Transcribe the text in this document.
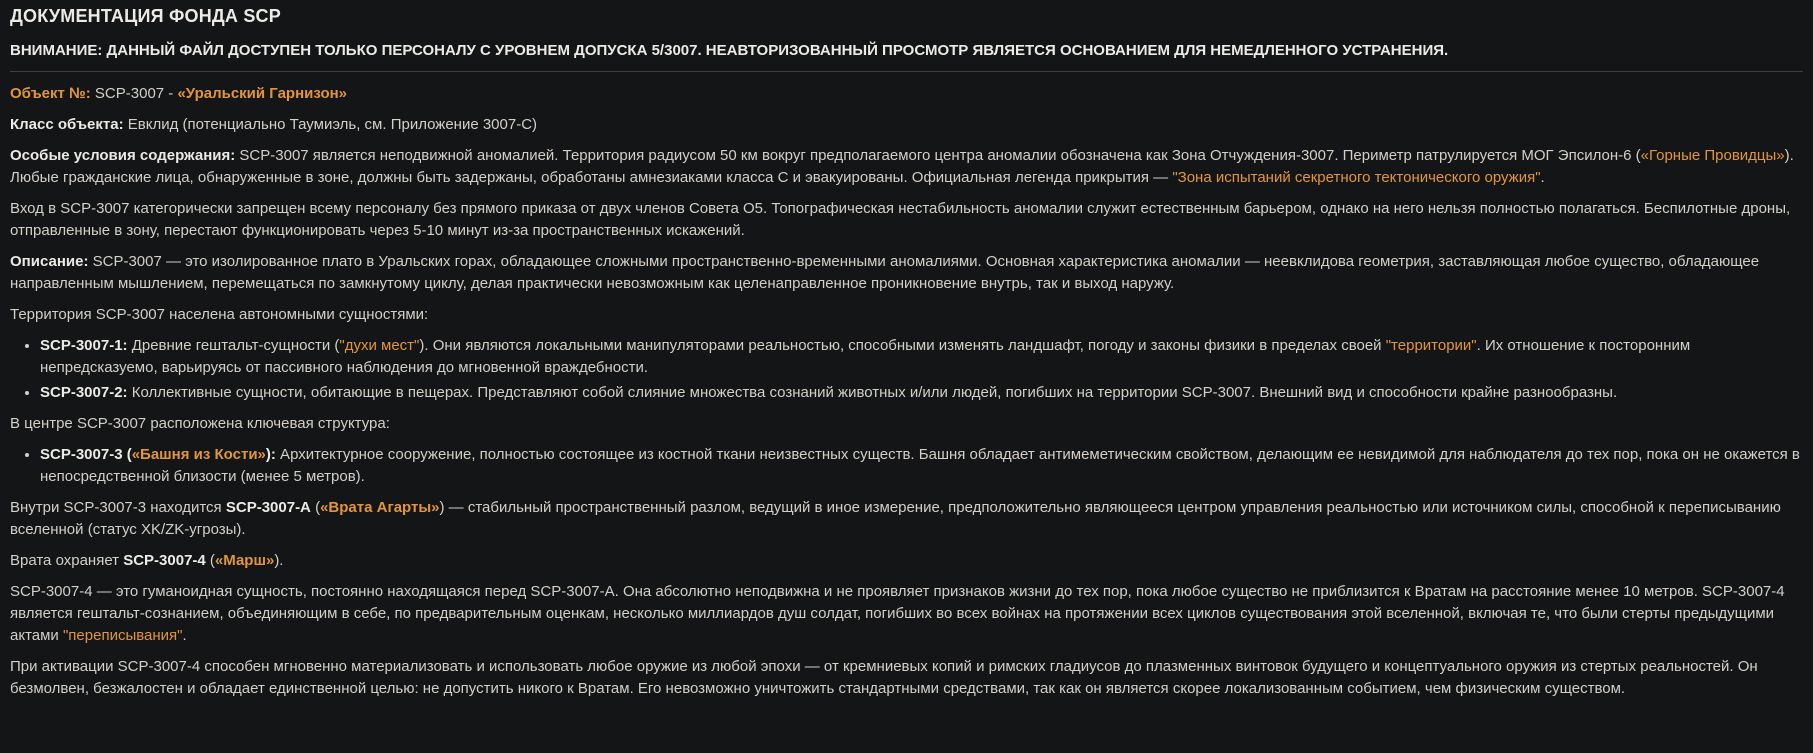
ДОКУМЕНТАЦИЯ ФОНДА SCP

ВНИМАНИЕ: ДАННЫЙ ФАЙЛ ДОСТУПЕН ТОЛЬКО ПЕРСОНАЛУ С УРОВНЕМ ДОПУСКА 5/3007. НЕАВТОРИЗОВАННЫЙ ПРОСМОТР ЯВЛЯЕТСЯ ОСНОВАНИЕМ ДЛЯ НЕМЕДЛЕННОГО УСТРАНЕНИЯ.

Объект №: SCP-3007 - «Уральский Гарнизон»

Класс объекта: Евклид (потенциально Таумиэль, см. Приложение 3007-C)

Особые условия содержания: SCP-3007 является неподвижной аномалией. Территория радиусом 50 км вокруг предполагаемого центра аномалии обозначена как Зона Отчуждения-3007. Периметр патрулируется МОГ Эпсилон-6 («Горные Провидцы»). Любые гражданские лица, обнаруженные в зоне, должны быть задержаны, обработаны амнезиаками класса C и эвакуированы. Официальная легенда прикрытия — "Зона испытаний секретного тектонического оружия".

Вход в SCP-3007 категорически запрещен всему персоналу без прямого приказа от двух членов Совета О5. Топографическая нестабильность аномалии служит естественным барьером, однако на него нельзя полностью полагаться. Беспилотные дроны, отправленные в зону, перестают функционировать через 5-10 минут из-за пространственных искажений.

Описание: SCP-3007 — это изолированное плато в Уральских горах, обладающее сложными пространственно-временными аномалиями. Основная характеристика аномалии — неевклидова геометрия, заставляющая любое существо, обладающее направленным мышлением, перемещаться по замкнутому циклу, делая практически невозможным как целенаправленное проникновение внутрь, так и выход наружу.

Территория SCP-3007 населена автономными сущностями:

• SCP-3007-1: Древние гештальт-сущности ("духи мест"). Они являются локальными манипуляторами реальностью, способными изменять ландшафт, погоду и законы физики в пределах своей "территории". Их отношение к посторонним непредсказуемо, варьируясь от пассивного наблюдения до мгновенной враждебности.
• SCP-3007-2: Коллективные сущности, обитающие в пещерах. Представляют собой слияние множества сознаний животных и/или людей, погибших на территории SCP-3007. Внешний вид и способности крайне разнообразны.

В центре SCP-3007 расположена ключевая структура:

• SCP-3007-3 («Башня из Кости»): Архитектурное сооружение, полностью состоящее из костной ткани неизвестных существ. Башня обладает антимеметическим свойством, делающим ее невидимой для наблюдателя до тех пор, пока он не окажется в непосредственной близости (менее 5 метров).

Внутри SCP-3007-3 находится SCP-3007-A («Врата Агарты») — стабильный пространственный разлом, ведущий в иное измерение, предположительно являющееся центром управления реальностью или источником силы, способной к переписыванию вселенной (статус XK/ZK-угрозы).

Врата охраняет SCP-3007-4 («Марш»).

SCP-3007-4 — это гуманоидная сущность, постоянно находящаяся перед SCP-3007-A. Она абсолютно неподвижна и не проявляет признаков жизни до тех пор, пока любое существо не приблизится к Вратам на расстояние менее 10 метров. SCP-3007-4 является гештальт-сознанием, объединяющим в себе, по предварительным оценкам, несколько миллиардов душ солдат, погибших во всех войнах на протяжении всех циклов существования этой вселенной, включая те, что были стерты предыдущими актами "переписывания".

При активации SCP-3007-4 способен мгновенно материализовать и использовать любое оружие из любой эпохи — от кремниевых копий и римских гладиусов до плазменных винтовок будущего и концептуального оружия из стертых реальностей. Он безмолвен, безжалостен и обладает единственной целью: не допустить никого к Вратам. Его невозможно уничтожить стандартными средствами, так как он является скорее локализованным событием, чем физическим существом.
